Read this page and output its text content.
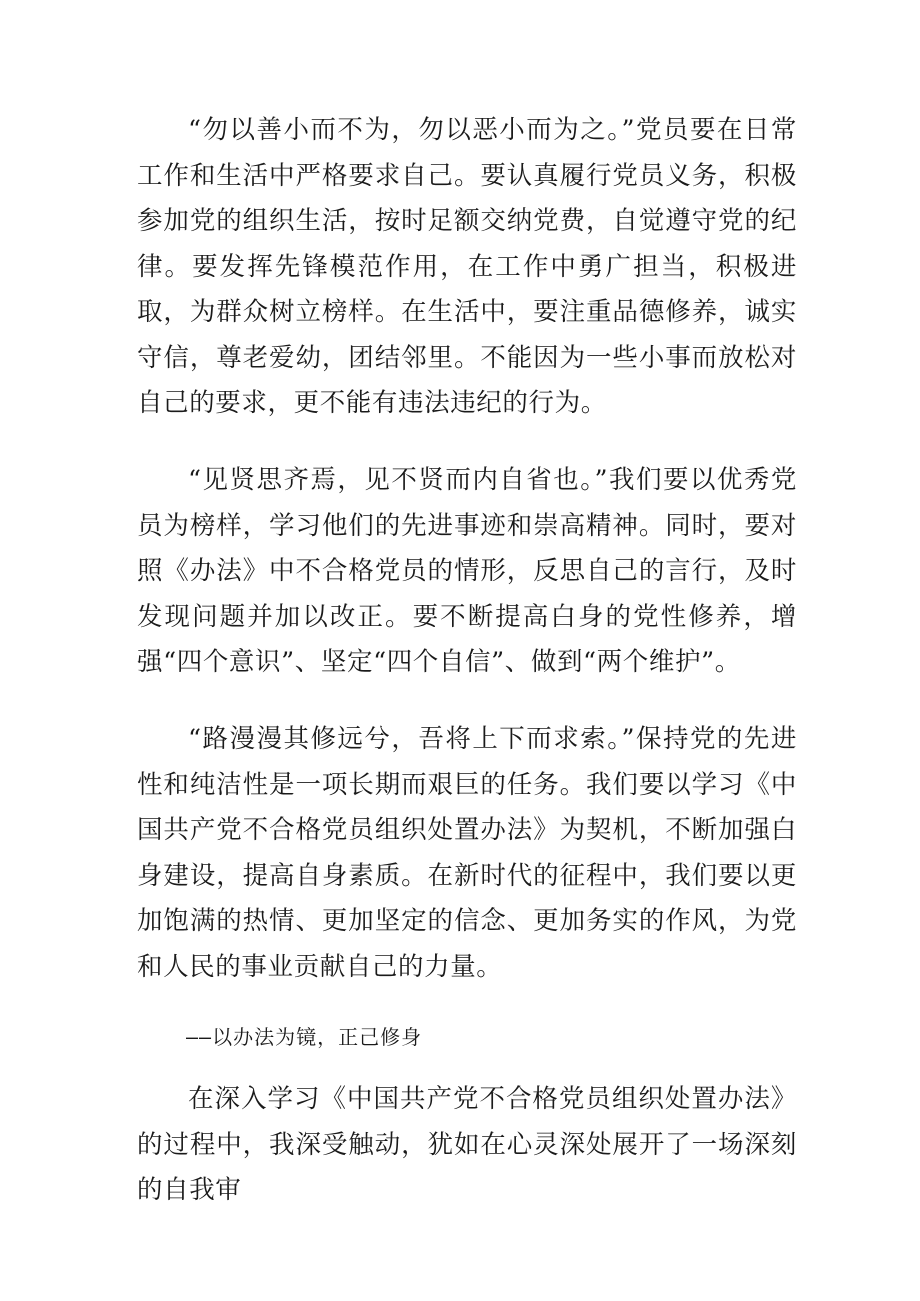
“勿以善小而不为，勿以恶小而为之。”党员要在日常工作和生活中严格要求自己。要认真履行党员义务，积极参加党的组织生活，按时足额交纳党费，自觉遵守党的纪律。要发挥先锋模范作用，在工作中勇广担当，积极进取，为群众树立榜样。在生活中，要注重品德修养，诚实守信，尊老爱幼，团结邻里。不能因为一些小事而放松对自己的要求，更不能有违法违纪的行为。

“见贤思齐焉，见不贤而内自省也。”我们要以优秀党员为榜样，学习他们的先进事迹和崇高精神。同时，要对照《办法》中不合格党员的情形，反思自己的言行，及时发现问题并加以改正。要不断提高白身的党性修养，增强“四个意识”、坚定“四个自信”、做到“两个维护”。

“路漫漫其修远兮，吾将上下而求索。”保持党的先进性和纯洁性是一项长期而艰巨的任务。我们要以学习《中国共产党不合格党员组织处置办法》为契机，不断加强白身建设，提高自身素质。在新时代的征程中，我们要以更加饱满的热情、更加坚定的信念、更加务实的作风，为党和人民的事业贡献自己的力量。

——以办法为镜，正己修身

在深入学习《中国共产党不合格党员组织处置办法》的过程中，我深受触动，犹如在心灵深处展开了一场深刻的自我审
